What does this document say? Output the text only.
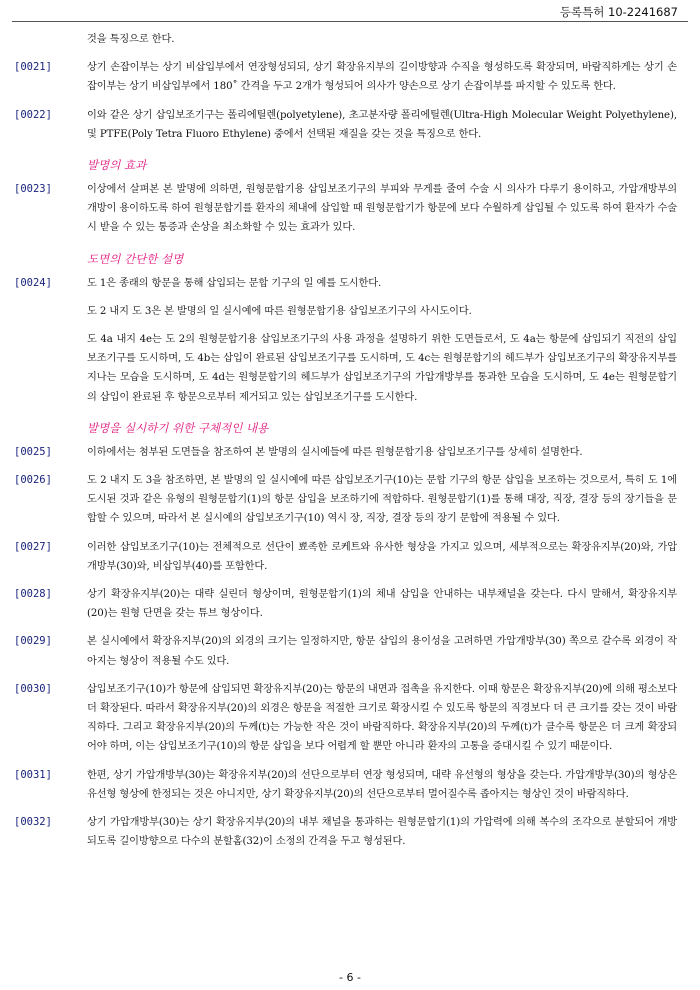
등록특허 10-2241687
것을 특징으로 한다.
[0021]	상기 손잡이부는 상기 비삽입부에서 연장형성되되, 상기 확장유지부의 길이방향과 수직을 형성하도록 확장되며, 바람직하게는 상기 손잡이부는 상기 비삽입부에서 180˚ 간격을 두고 2개가 형성되어 의사가 양손으로 상기 손잡이부를 파지할 수 있도록 한다.
[0022]	이와 같은 상기 삽입보조기구는 폴리에틸렌(polyetylene), 초고분자량 폴리에틸렌(Ultra-High Molecular Weight Polyethylene), 및 PTFE(Poly Tetra Fluoro Ethylene) 중에서 선택된 재질을 갖는 것을 특징으로 한다.
발명의 효과
[0023]	이상에서 살펴본 본 발명에 의하면, 원형문합기용 삽입보조기구의 부피와 무게를 줄여 수술 시 의사가 다루기 용이하고, 가압개방부의 개방이 용이하도록 하여 원형문합기를 환자의 체내에 삽입할 때 원형문합기가 항문에 보다 수월하게 삽입될 수 있도록 하여 환자가 수술 시 받을 수 있는 통증과 손상을 최소화할 수 있는 효과가 있다.
도면의 간단한 설명
[0024]	도 1은 종래의 항문을 통해 삽입되는 문합 기구의 일 예를 도시한다.
도 2 내지 도 3은 본 발명의 일 실시예에 따른 원형문합기용 삽입보조기구의 사시도이다.
도 4a 내지 4e는 도 2의 원형문합기용 삽입보조기구의 사용 과정을 설명하기 위한 도면들로서, 도 4a는 항문에 삽입되기 직전의 삽입보조기구를 도시하며, 도 4b는 삽입이 완료된 삽입보조기구를 도시하며, 도 4c는 원형문합기의 헤드부가 삽입보조기구의 확장유지부를 지나는 모습을 도시하며, 도 4d는 원형문합기의 헤드부가 삽입보조기구의 가압개방부를 통과한 모습을 도시하며, 도 4e는 원형문합기의 삽입이 완료된 후 항문으로부터 제거되고 있는 삽입보조기구를 도시한다.
발명을 실시하기 위한 구체적인 내용
[0025]	이하에서는 첨부된 도면들을 참조하여 본 발명의 실시예들에 따른 원형문합기용 삽입보조기구를 상세히 설명한다.
[0026]	도 2 내지 도 3을 참조하면, 본 발명의 일 실시예에 따른 삽입보조기구(10)는 문합 기구의 항문 삽입을 보조하는 것으로서, 특히 도 1에 도시된 것과 같은 유형의 원형문합기(1)의 항문 삽입을 보조하기에 적합하다. 원형문합기(1)를 통해 대장, 직장, 결장 등의 장기들을 문합할 수 있으며, 따라서 본 실시예의 삽입보조기구(10) 역시 장, 직장, 결장 등의 장기 문합에 적용될 수 있다.
[0027]	이러한 삽입보조기구(10)는 전체적으로 선단이 뾰족한 로케트와 유사한 형상을 가지고 있으며, 세부적으로는 확장유지부(20)와, 가압개방부(30)와, 비삽입부(40)를 포함한다.
[0028]	상기 확장유지부(20)는 대략 실린더 형상이며, 원형문합기(1)의 체내 삽입을 안내하는 내부채널을 갖는다. 다시 말해서, 확장유지부(20)는 원형 단면을 갖는 튜브 형상이다.
[0029]	본 실시예에서 확장유지부(20)의 외경의 크기는 일정하지만, 항문 삽입의 용이성을 고려하면 가압개방부(30) 쪽으로 갈수록 외경이 작아지는 형상이 적용될 수도 있다.
[0030]	삽입보조기구(10)가 항문에 삽입되면 확장유지부(20)는 항문의 내면과 접촉을 유지한다. 이때 항문은 확장유지부(20)에 의해 평소보다 더 확장된다. 따라서 확장유지부(20)의 외경은 항문을 적절한 크기로 확장시킬 수 있도록 항문의 직경보다 더 큰 크기를 갖는 것이 바람직하다. 그리고 확장유지부(20)의 두께(t)는 가능한 작은 것이 바람직하다. 확장유지부(20)의 두께(t)가 클수록 항문은 더 크게 확장되어야 하며, 이는 삽입보조기구(10)의 항문 삽입을 보다 어렵게 할 뿐만 아니라 환자의 고통을 증대시킬 수 있기 때문이다.
[0031]	한편, 상기 가압개방부(30)는 확장유지부(20)의 선단으로부터 연장 형성되며, 대략 유선형의 형상을 갖는다. 가압개방부(30)의 형상은 유선형 형상에 한정되는 것은 아니지만, 상기 확장유지부(20)의 선단으로부터 멀어질수록 좁아지는 형상인 것이 바람직하다.
[0032]	상기 가압개방부(30)는 상기 확장유지부(20)의 내부 채널을 통과하는 원형문합기(1)의 가압력에 의해 복수의 조각으로 분할되어 개방되도록 길이방향으로 다수의 분할홈(32)이 소정의 간격을 두고 형성된다.
- 6 -
